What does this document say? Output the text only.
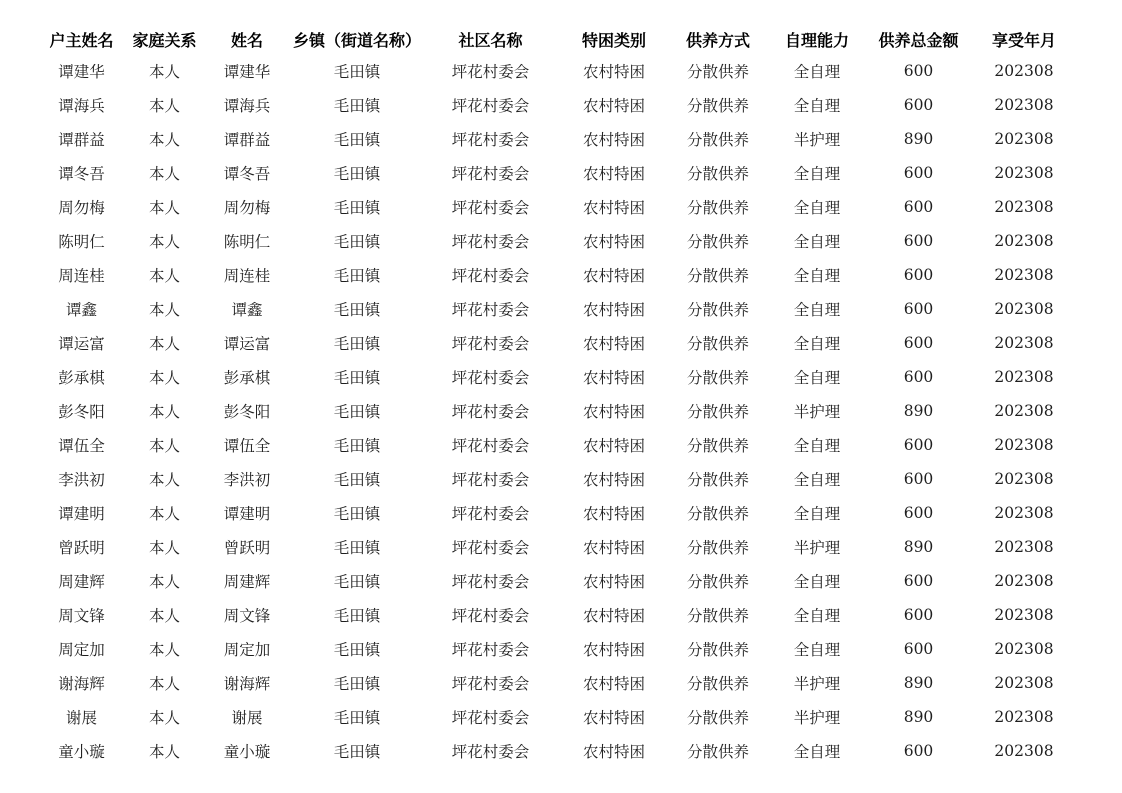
户主姓名	家庭关系	姓名	乡镇（街道名称）	社区名称	特困类别	供养方式	自理能力	供养总金额	享受年月
谭建华	本人	谭建华	毛田镇	坪花村委会	农村特困	分散供养	全自理	600	202308
谭海兵	本人	谭海兵	毛田镇	坪花村委会	农村特困	分散供养	全自理	600	202308
谭群益	本人	谭群益	毛田镇	坪花村委会	农村特困	分散供养	半护理	890	202308
谭冬吾	本人	谭冬吾	毛田镇	坪花村委会	农村特困	分散供养	全自理	600	202308
周勿梅	本人	周勿梅	毛田镇	坪花村委会	农村特困	分散供养	全自理	600	202308
陈明仁	本人	陈明仁	毛田镇	坪花村委会	农村特困	分散供养	全自理	600	202308
周连桂	本人	周连桂	毛田镇	坪花村委会	农村特困	分散供养	全自理	600	202308
谭鑫	本人	谭鑫	毛田镇	坪花村委会	农村特困	分散供养	全自理	600	202308
谭运富	本人	谭运富	毛田镇	坪花村委会	农村特困	分散供养	全自理	600	202308
彭承棋	本人	彭承棋	毛田镇	坪花村委会	农村特困	分散供养	全自理	600	202308
彭冬阳	本人	彭冬阳	毛田镇	坪花村委会	农村特困	分散供养	半护理	890	202308
谭伍全	本人	谭伍全	毛田镇	坪花村委会	农村特困	分散供养	全自理	600	202308
李洪初	本人	李洪初	毛田镇	坪花村委会	农村特困	分散供养	全自理	600	202308
谭建明	本人	谭建明	毛田镇	坪花村委会	农村特困	分散供养	全自理	600	202308
曾跃明	本人	曾跃明	毛田镇	坪花村委会	农村特困	分散供养	半护理	890	202308
周建辉	本人	周建辉	毛田镇	坪花村委会	农村特困	分散供养	全自理	600	202308
周文锋	本人	周文锋	毛田镇	坪花村委会	农村特困	分散供养	全自理	600	202308
周定加	本人	周定加	毛田镇	坪花村委会	农村特困	分散供养	全自理	600	202308
谢海辉	本人	谢海辉	毛田镇	坪花村委会	农村特困	分散供养	半护理	890	202308
谢展	本人	谢展	毛田镇	坪花村委会	农村特困	分散供养	半护理	890	202308
童小璇	本人	童小璇	毛田镇	坪花村委会	农村特困	分散供养	全自理	600	202308
